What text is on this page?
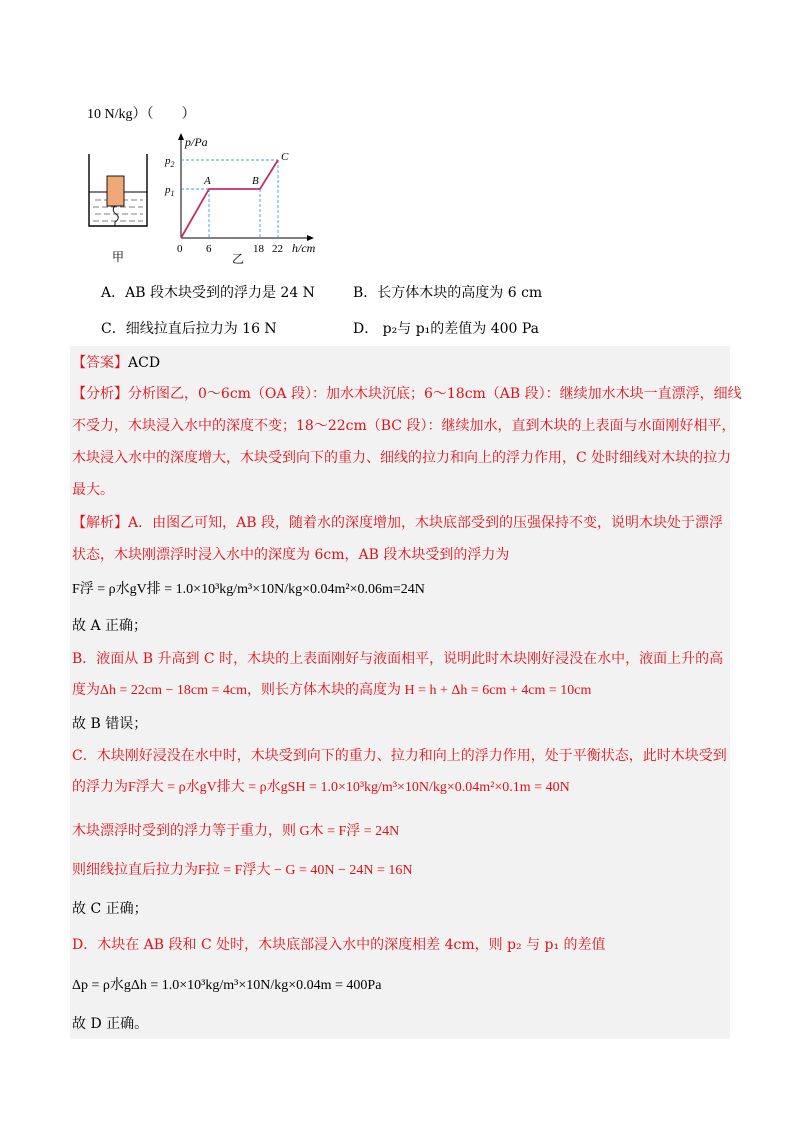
10 N/kg）（　　）
甲
p/Pa
$p_2$
$p_1$
A	B
C
0 6	18 22 h/cm
乙
A．AB 段木块受到的浮力是 24 N	B．长方体木块的高度为 6 cm
C．细线拉直后拉力为 16 N	D． p₂与 p₁的差值为 400 Pa
【答案】ACD
【分析】分析图乙，0～6cm（OA 段）：加水木块沉底；6～18cm（AB 段）：继续加水木块一直漂浮，细线
不受力，木块浸入水中的深度不变；18～22cm（BC 段）：继续加水，直到木块的上表面与水面刚好相平，
木块浸入水中的深度增大，木块受到向下的重力、细线的拉力和向上的浮力作用，C 处时细线对木块的拉力
最大。
【解析】A．由图乙可知，AB 段，随着水的深度增加，木块底部受到的压强保持不变，说明木块处于漂浮
状态，木块刚漂浮时浸入水中的深度为 6cm，AB 段木块受到的浮力为
F浮 = ρ水gV排 = 1.0×10³kg/m³×10N/kg×0.04m²×0.06m=24N
故 A 正确；
B．液面从 B 升高到 C 时，木块的上表面刚好与液面相平，说明此时木块刚好浸没在水中，液面上升的高
度为Δh = 22cm − 18cm = 4cm，则长方体木块的高度为 H = h + Δh = 6cm + 4cm = 10cm
故 B 错误；
C．木块刚好浸没在水中时，木块受到向下的重力、拉力和向上的浮力作用，处于平衡状态，此时木块受到
的浮力为F浮大 = ρ水gV排大 = ρ水gSH = 1.0×10³kg/m³×10N/kg×0.04m²×0.1m = 40N
木块漂浮时受到的浮力等于重力，则 G木 = F浮 = 24N
则细线拉直后拉力为F拉 = F浮大 − G = 40N − 24N = 16N
故 C 正确；
D．木块在 AB 段和 C 处时，木块底部浸入水中的深度相差 4cm，则 p₂ 与 p₁ 的差值
Δp = ρ水gΔh = 1.0×10³kg/m³×10N/kg×0.04m = 400Pa
故 D 正确。
